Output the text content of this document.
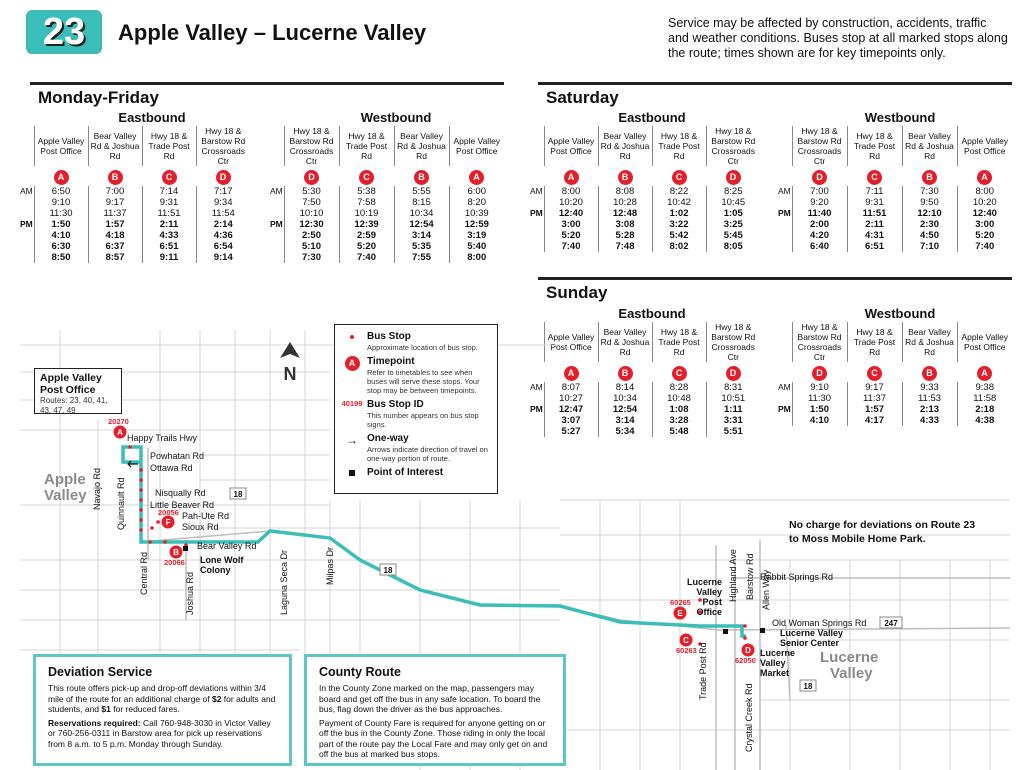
23	Apple Valley – Lucerne Valley	Service may be affected by construction, accidents, traffic and weather conditions. Buses stop at all marked stops along the route; times shown are for key timepoints only.
Monday-Friday	Saturday
Sunday
Eastbound	Westbound	Eastbound	Westbound
Eastbound	Westbound
	Apple Valley Post Office	Bear Valley Rd & Joshua Rd	Hwy 18 & Trade Post Rd	Hwy 18 & Barstow Rd Crossroads Ctr
	A	B	C	D
AM	6:50	7:00	7:14	7:17
	9:10	9:17	9:31	9:34
	11:30	11:37	11:51	11:54
PM	1:50	1:57	2:11	2:14
	4:10	4:18	4:33	4:36
	6:30	6:37	6:51	6:54
	8:50	8:57	9:11	9:14
	Hwy 18 & Barstow Rd Crossroads Ctr	Hwy 18 & Trade Post Rd	Bear Valley Rd & Joshua Rd	Apple Valley Post Office
	D	C	B	A
AM	5:30	5:38	5:55	6:00
	7:50	7:58	8:15	8:20
	10:10	10:19	10:34	10:39
PM	12:30	12:39	12:54	12:59
	2:50	2:59	3:14	3:19
	5:10	5:20	5:35	5:40
	7:30	7:40	7:55	8:00
	Apple Valley Post Office	Bear Valley Rd & Joshua Rd	Hwy 18 & Trade Post Rd	Hwy 18 & Barstow Rd Crossroads Ctr
	A	B	C	D
AM	8:00	8:08	8:22	8:25
	10:20	10:28	10:42	10:45
PM	12:40	12:48	1:02	1:05
	3:00	3:08	3:22	3:25
	5:20	5:28	5:42	5:45
	7:40	7:48	8:02	8:05
	Hwy 18 & Barstow Rd Crossroads Ctr	Hwy 18 & Trade Post Rd	Bear Valley Rd & Joshua Rd	Apple Valley Post Office
	D	C	B	A
AM	7:00	7:11	7:30	8:00
	9:20	9:31	9:50	10:20
PM	11:40	11:51	12:10	12:40
	2:00	2:11	2:30	3:00
	4:20	4:31	4:50	5:20
	6:40	6:51	7:10	7:40
	Apple Valley Post Office	Bear Valley Rd & Joshua Rd	Hwy 18 & Trade Post Rd	Hwy 18 & Barstow Rd Crossroads Ctr
	A	B	C	D
AM	8:07	8:14	8:28	8:31
	10:27	10:34	10:48	10:51
PM	12:47	12:54	1:08	1:11
	3:07	3:14	3:28	3:31
	5:27	5:34	5:48	5:51
	Hwy 18 & Barstow Rd Crossroads Ctr	Hwy 18 & Trade Post Rd	Bear Valley Rd & Joshua Rd	Apple Valley Post Office
	D	C	B	A
AM	9:10	9:17	9:33	9:38
	11:30	11:37	11:53	11:58
PM	1:50	1:57	2:13	2:18
	4:10	4:17	4:33	4:38
A
F
B
E
C
D
N
Happy Trails Hwy
Powhatan Rd
Ottawa Rd
Nisqually Rd
Little Beaver Rd
Pah-Ute Rd
Sioux Rd
Bear Valley Rd
Rabbit Springs Rd
Old Woman Springs Rd
Navajo Rd Quinnault Rd
Central Rd	Joshua Rd	Laguna Seca Dr	Milpas Dr
Trade Post Rd
Highland Ave Barstow Rd Allen Way
Crystal Creek Rd
18
18
18
247
20270
20056
20066
60265
60263
62050
Apple
Valley
Lucerne
Valley
Lone Wolf
Colony
Lucerne
Valley
Post
Office
Lucerne Valley
Senior Center
Lucerne
Valley
Market
Apple Valley Post Office
Routes: 23, 40, 41, 43, 47, 49
Bus Stop
Approximate location of bus stop.
A	Timepoint
Refer to timetables to see when buses will serve these stops. Your stop may be between timepoints.
40199 Bus Stop ID
This number appears on bus stop signs.
→ One-way
Arrows indicate direction of travel on one-way portion of route.
Point of Interest
No charge for deviations on Route 23 to Moss Mobile Home Park.
Deviation Service

This route offers pick-up and drop-off deviations within 3/4 mile of the route for an additional charge of $2 for adults and students, and $1 for reduced fares.

Reservations required: Call 760-948-3030 in Victor Valley or 760-256-0311 in Barstow area for pick up reservations from 8 a.m. to 5 p.m. Monday through Sunday.

County Route

In the County Zone marked on the map, passengers may board and get off the bus in any safe location. To board the bus, flag down the driver as the bus approaches.

Payment of County Fare is required for anyone getting on or off the bus in the County Zone. Those riding in only the local part of the route pay the Local Fare and may only get on and off the bus at marked bus stops.
